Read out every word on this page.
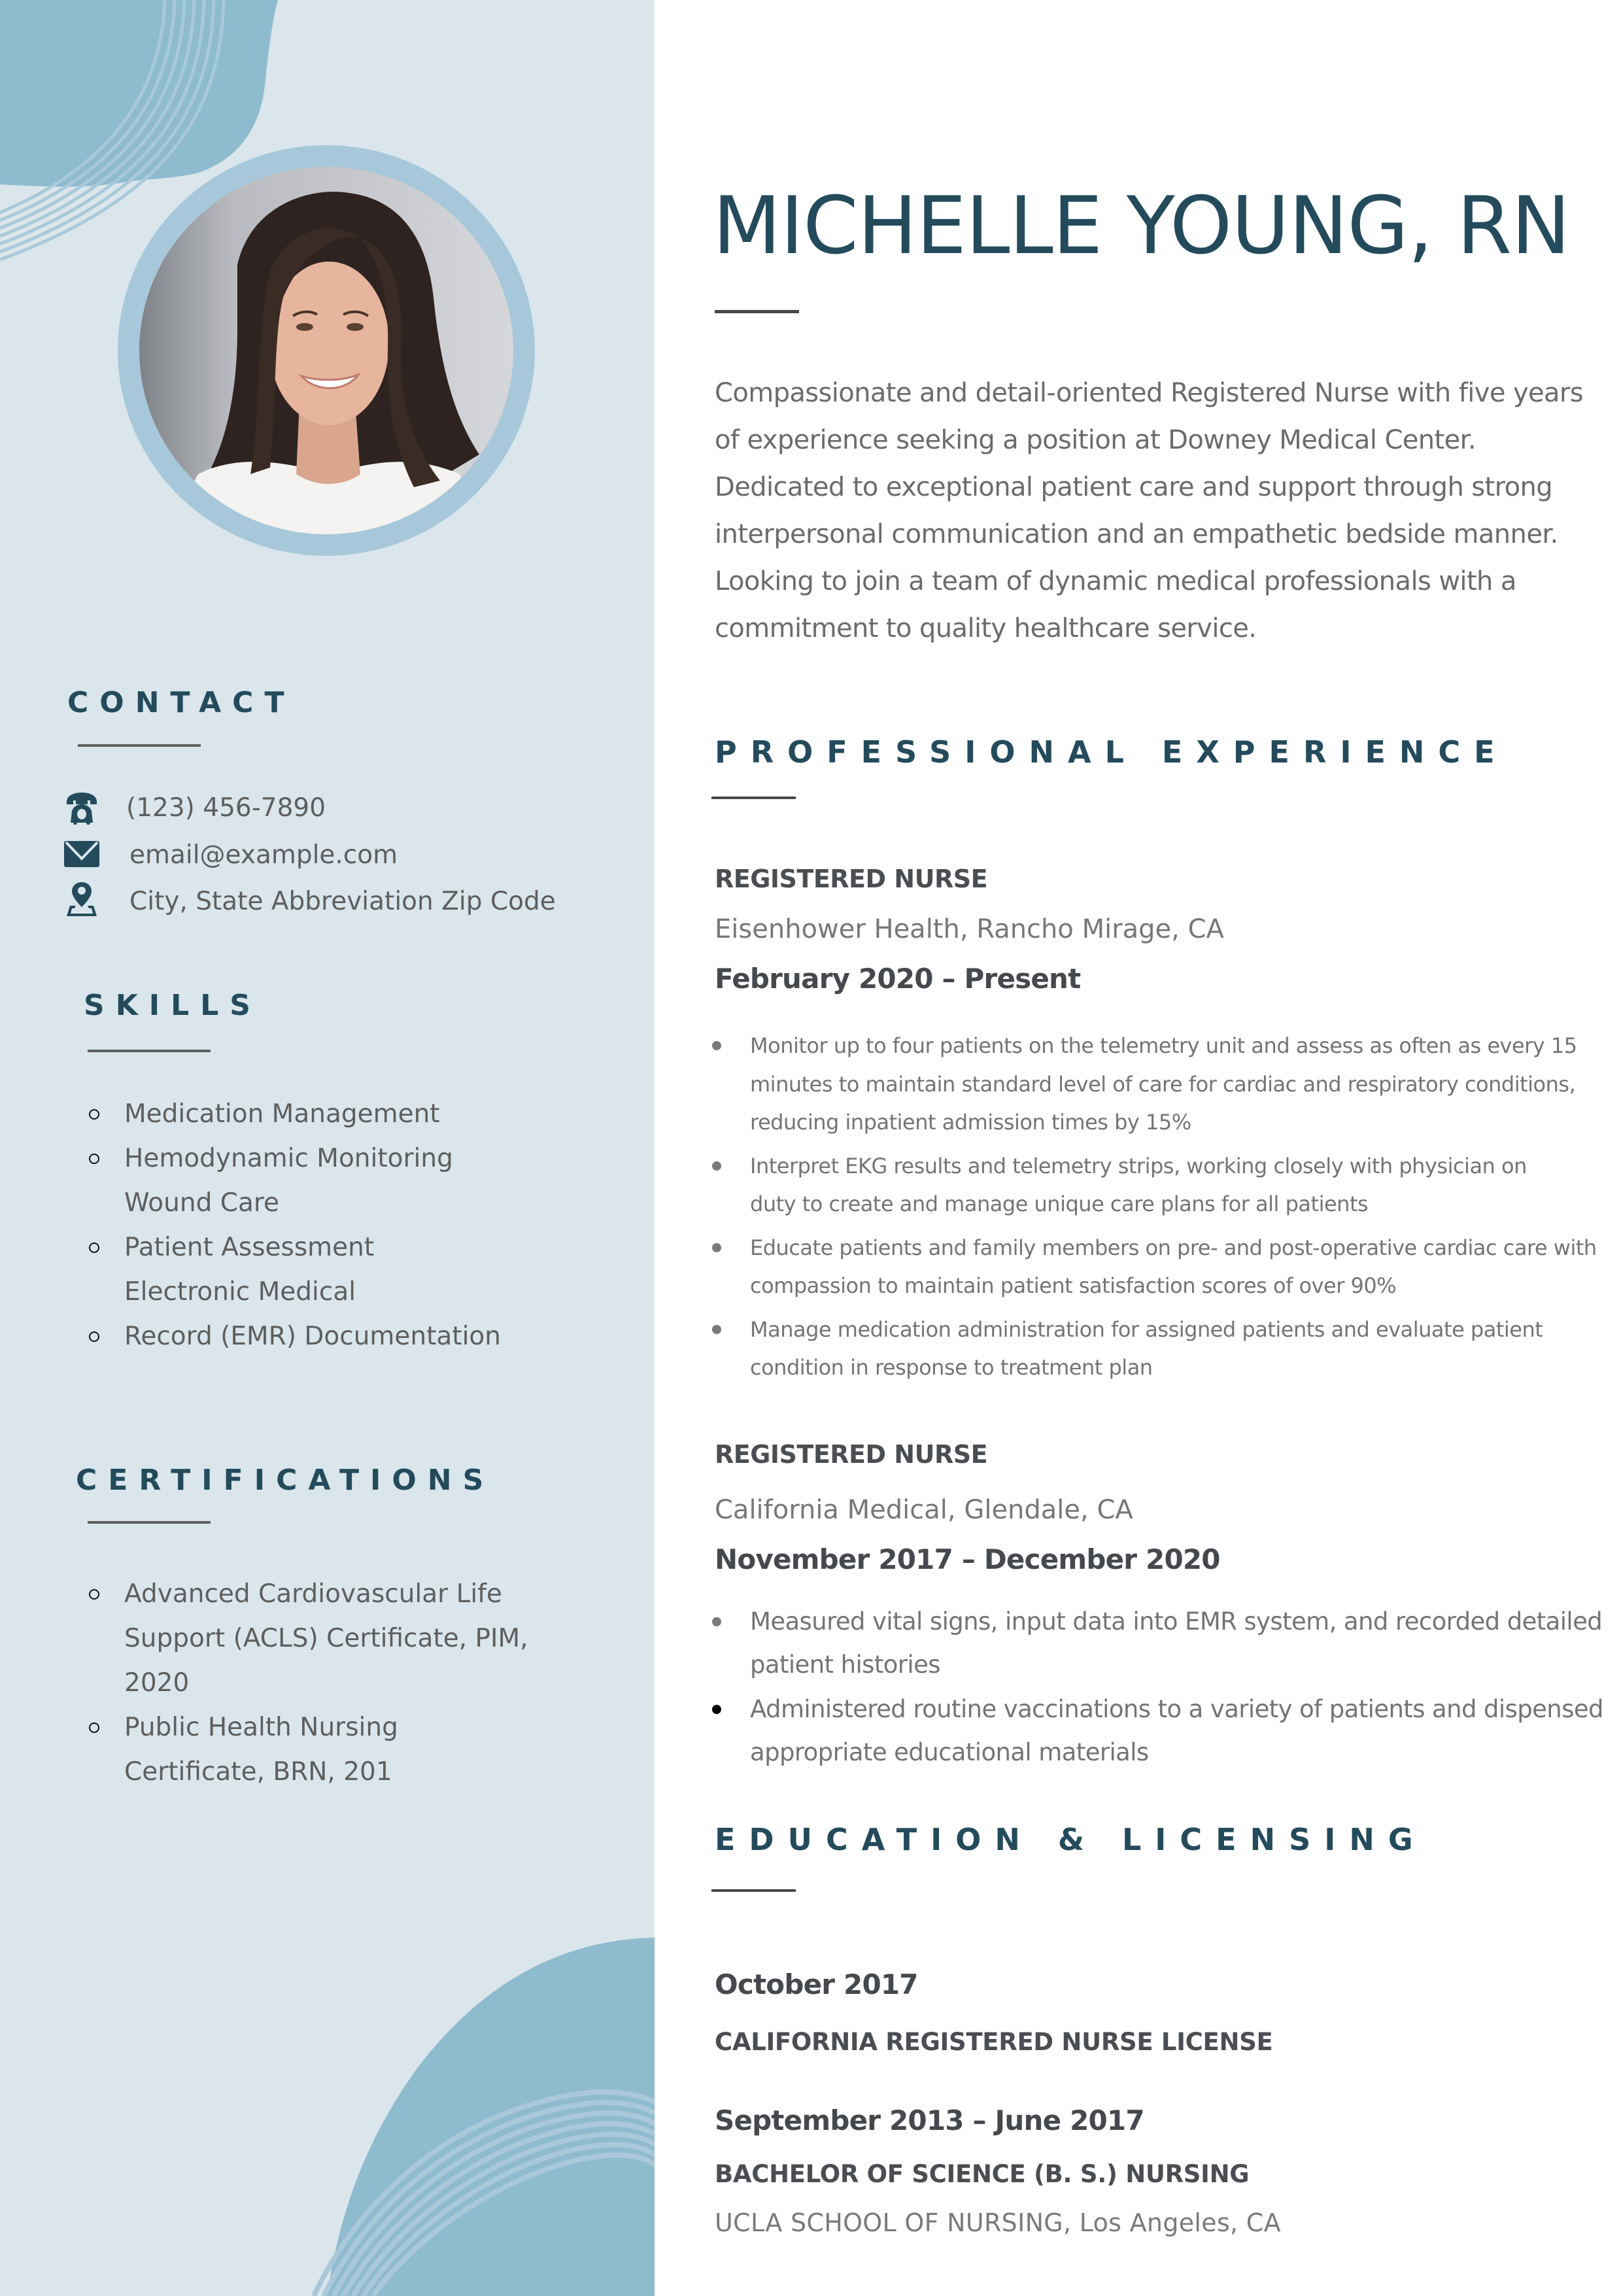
CONTACT
(123) 456-7890
email@example.com
City, State Abbreviation Zip Code
SKILLS
Medication Management
Hemodynamic Monitoring Wound Care
Patient Assessment Electronic Medical
Record (EMR) Documentation
CERTIFICATIONS
Advanced Cardiovascular Life Support (ACLS) Certificate, PIM, 2020
Public Health Nursing Certificate, BRN, 201
MICHELLE YOUNG, RN
Compassionate and detail-oriented Registered Nurse with five years of experience seeking a position at Downey Medical Center. Dedicated to exceptional patient care and support through strong interpersonal communication and an empathetic bedside manner. Looking to join a team of dynamic medical professionals with a commitment to quality healthcare service.
PROFESSIONAL EXPERIENCE
REGISTERED NURSE
Eisenhower Health, Rancho Mirage, CA
February 2020 – Present
Monitor up to four patients on the telemetry unit and assess as often as every 15 minutes to maintain standard level of care for cardiac and respiratory conditions, reducing inpatient admission times by 15%
Interpret EKG results and telemetry strips, working closely with physician on duty to create and manage unique care plans for all patients
Educate patients and family members on pre- and post-operative cardiac care with compassion to maintain patient satisfaction scores of over 90%
Manage medication administration for assigned patients and evaluate patient condition in response to treatment plan
REGISTERED NURSE
California Medical, Glendale, CA
November 2017 – December 2020
Measured vital signs, input data into EMR system, and recorded detailed patient histories
Administered routine vaccinations to a variety of patients and dispensed appropriate educational materials
EDUCATION & LICENSING
October 2017
CALIFORNIA REGISTERED NURSE LICENSE
September 2013 – June 2017
BACHELOR OF SCIENCE (B. S.) NURSING
UCLA SCHOOL OF NURSING, Los Angeles, CA
